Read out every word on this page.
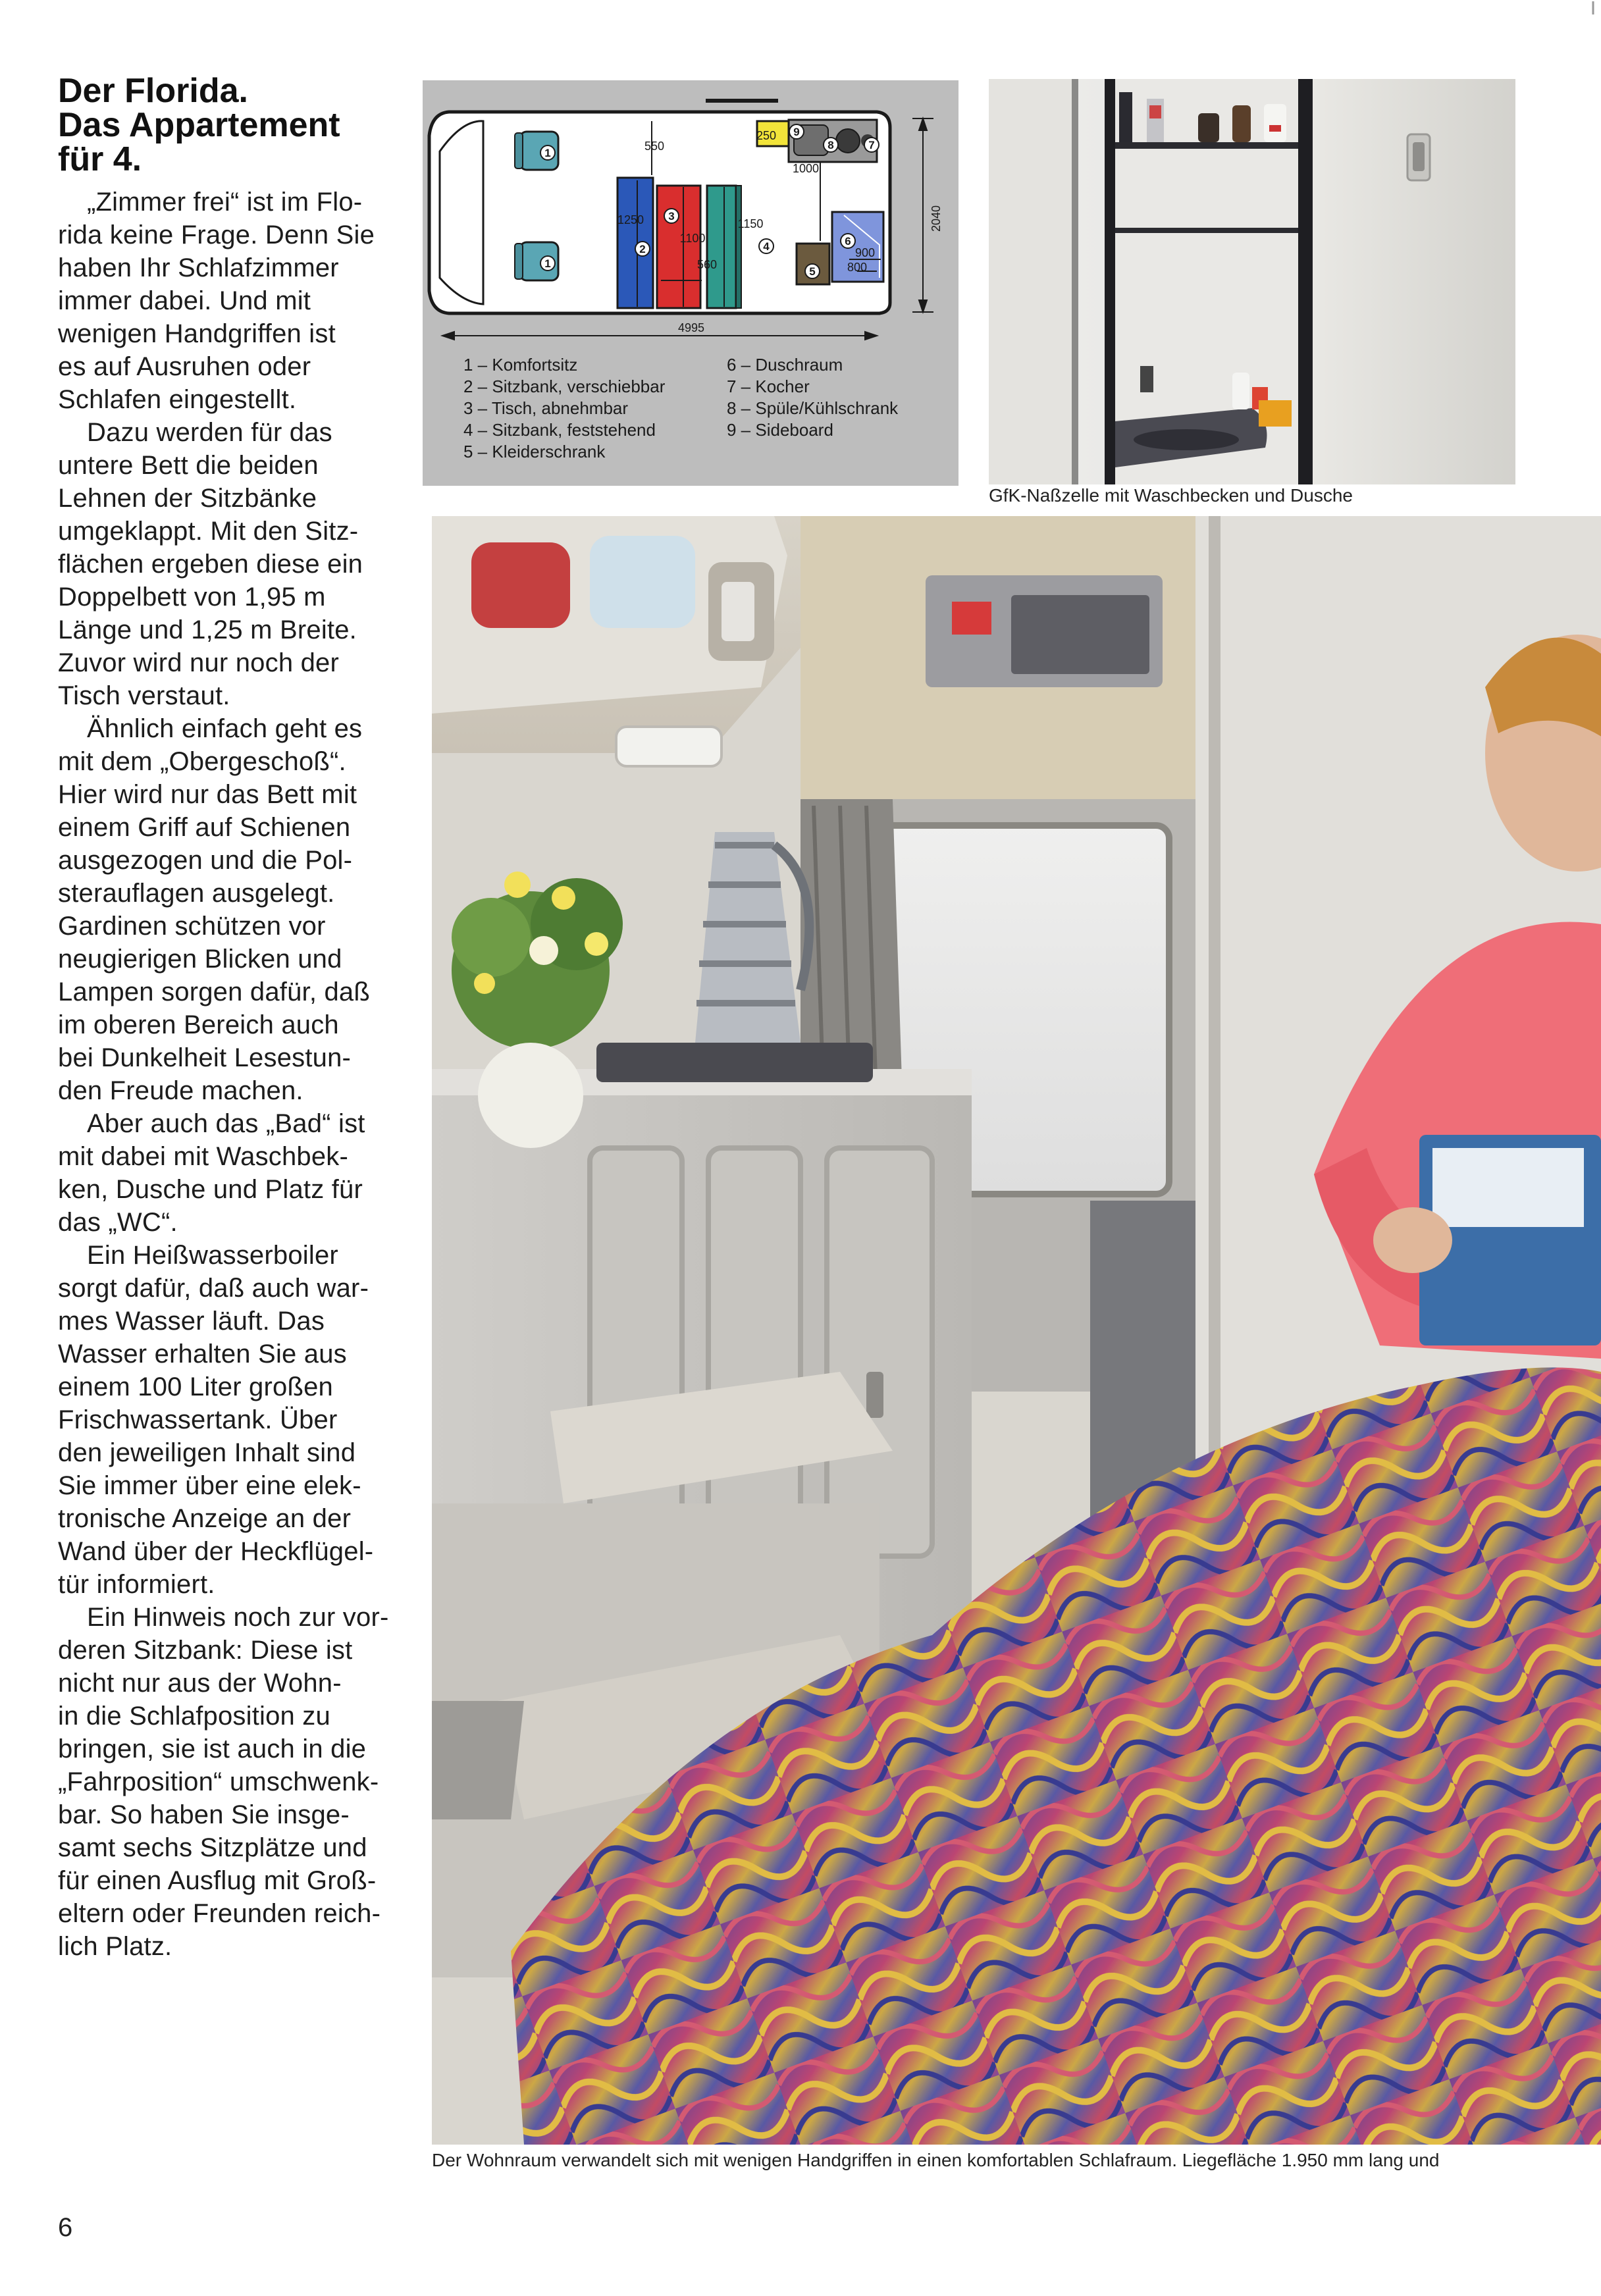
Der Florida.
Das Appartement
für 4.
„Zimmer frei“ ist im Flo-
rida keine Frage. Denn Sie
haben Ihr Schlafzimmer
immer dabei. Und mit
wenigen Handgriffen ist
es auf Ausruhen oder
Schlafen eingestellt.
Dazu werden für das
untere Bett die beiden
Lehnen der Sitzbänke
umgeklappt. Mit den Sitz-
flächen ergeben diese ein
Doppelbett von 1,95 m
Länge und 1,25 m Breite.
Zuvor wird nur noch der
Tisch verstaut.
Ähnlich einfach geht es
mit dem „Obergeschoß“.
Hier wird nur das Bett mit
einem Griff auf Schienen
ausgezogen und die Pol-
sterauflagen ausgelegt.
Gardinen schützen vor
neugierigen Blicken und
Lampen sorgen dafür, daß
im oberen Bereich auch
bei Dunkelheit Lesestun-
den Freude machen.
Aber auch das „Bad“ ist
mit dabei mit Waschbek-
ken, Dusche und Platz für
das „WC“.
Ein Heißwasserboiler
sorgt dafür, daß auch war-
mes Wasser läuft. Das
Wasser erhalten Sie aus
einem 100 Liter großen
Frischwassertank. Über
den jeweiligen Inhalt sind
Sie immer über eine elek-
tronische Anzeige an der
Wand über der Heckflügel-
tür informiert.
Ein Hinweis noch zur vor-
deren Sitzbank: Diese ist
nicht nur aus der Wohn-
in die Schlafposition zu
bringen, sie ist auch in die
„Fahrposition“ umschwenk-
bar. So haben Sie insge-
samt sechs Sitzplätze und
für einen Ausflug mit Groß-
eltern oder Freunden reich-
lich Platz.
6
550
250
1000
1250
1100
560
1150
900
800
4995
2040
1
1
2
3
4
5
6
7
8
9
1 – Komfortsitz
2 – Sitzbank, verschiebbar
3 – Tisch, abnehmbar
4 – Sitzbank, feststehend
5 – Kleiderschrank
6 – Duschraum
7 – Kocher
8 – Spüle/Kühlschrank
9 – Sideboard
GfK-Naßzelle mit Waschbecken und Dusche
Der Wohnraum verwandelt sich mit wenigen Handgriffen in einen komfortablen Schlafraum. Liegefläche 1.950 mm lang und
